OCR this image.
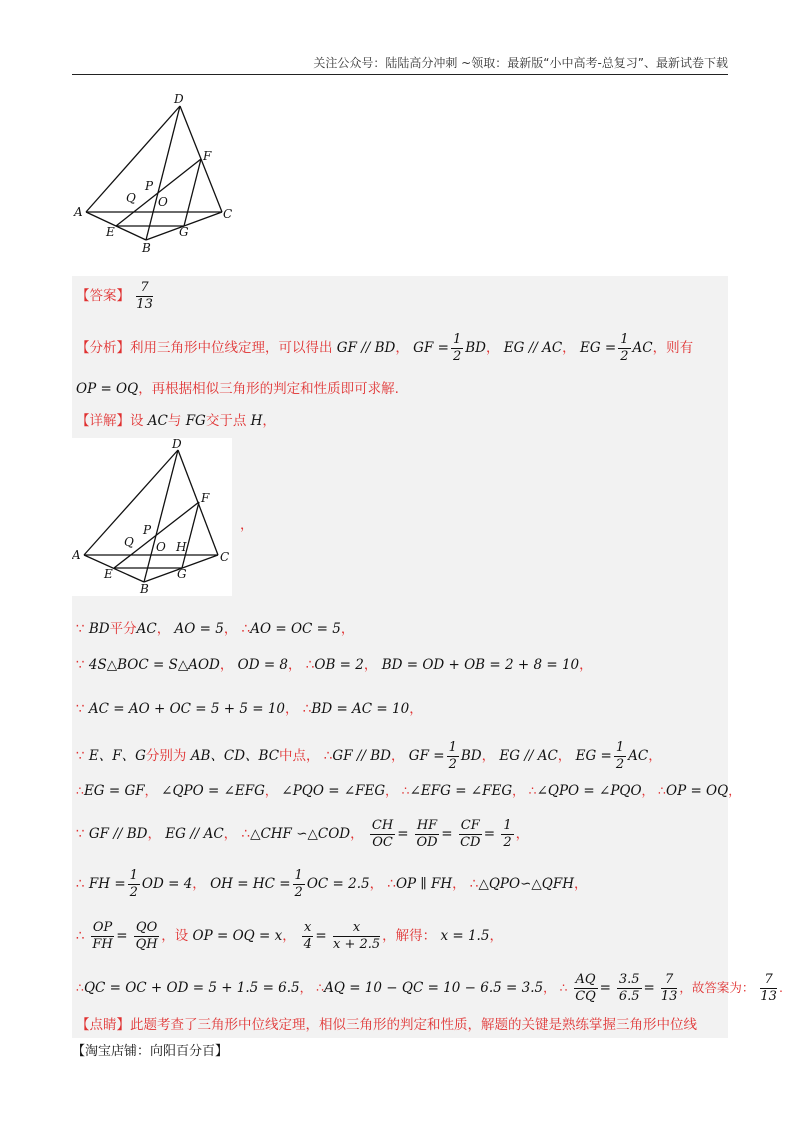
关注公众号：陆陆高分冲刺 ~领取：最新版“小中高考-总复习”、最新试卷下载
D
F
P
Q O
A	C
E	G
B
【答案】 $\frac{7}{13}$
【分析】利用三角形中位线定理，可以得出 GF // BD， GF = $\frac{1}{2}$ BD， EG // AC， EG = $\frac{1}{2}$ AC，则有
OP = OQ，再根据相似三角形的判定和性质即可求解.
【详解】设 AC与 FG交于点 H，
D
F
P
Q O H
A	C
E	G
B
，
∵ BD平分AC， AO = 5， ∴AO = OC = 5，
∵ 4S△BOC = S△AOD， OD = 8， ∴OB = 2， BD = OD + OB = 2 + 8 = 10，
∵ AC = AO + OC = 5 + 5 = 10， ∴BD = AC = 10，
∵ E、F、G分别为 AB、CD、BC中点， ∴GF // BD， GF = $\frac{1}{2}$ BD， EG // AC， EG = $\frac{1}{2}$ AC，
∴EG = GF， ∠QPO = ∠EFG， ∠PQO = ∠FEG， ∴∠EFG = ∠FEG， ∴∠QPO = ∠PQO， ∴OP = OQ，
∵ GF // BD， EG // AC， ∴△CHF ∽△COD， $\frac{CH}{OC} = \frac{HF}{OD} = \frac{CF}{CD} = \frac{1}{2}$ ，
∴ FH = $\frac{1}{2}$ OD = 4， OH = HC = $\frac{1}{2}$ OC = 2.5， ∴OP ∥ FH， ∴△QPO∽△QFH，
∴ $\frac{OP}{FH} = \frac{QO}{QH}$ ，设 OP = OQ = x， $\frac{x}{4} = \frac{x}{x + 2.5}$ ，解得： x = 1.5，
∴QC = OC + OD = 5 + 1.5 = 6.5， ∴AQ = 10 − QC = 10 − 6.5 = 3.5， ∴ $\frac{AQ}{CQ} = \frac{3.5}{6.5} = \frac{7}{13}$ ，故答案为： $\frac{7}{13}$ .
【点睛】此题考查了三角形中位线定理，相似三角形的判定和性质，解题的关键是熟练掌握三角形中位线
【淘宝店铺：向阳百分百】
